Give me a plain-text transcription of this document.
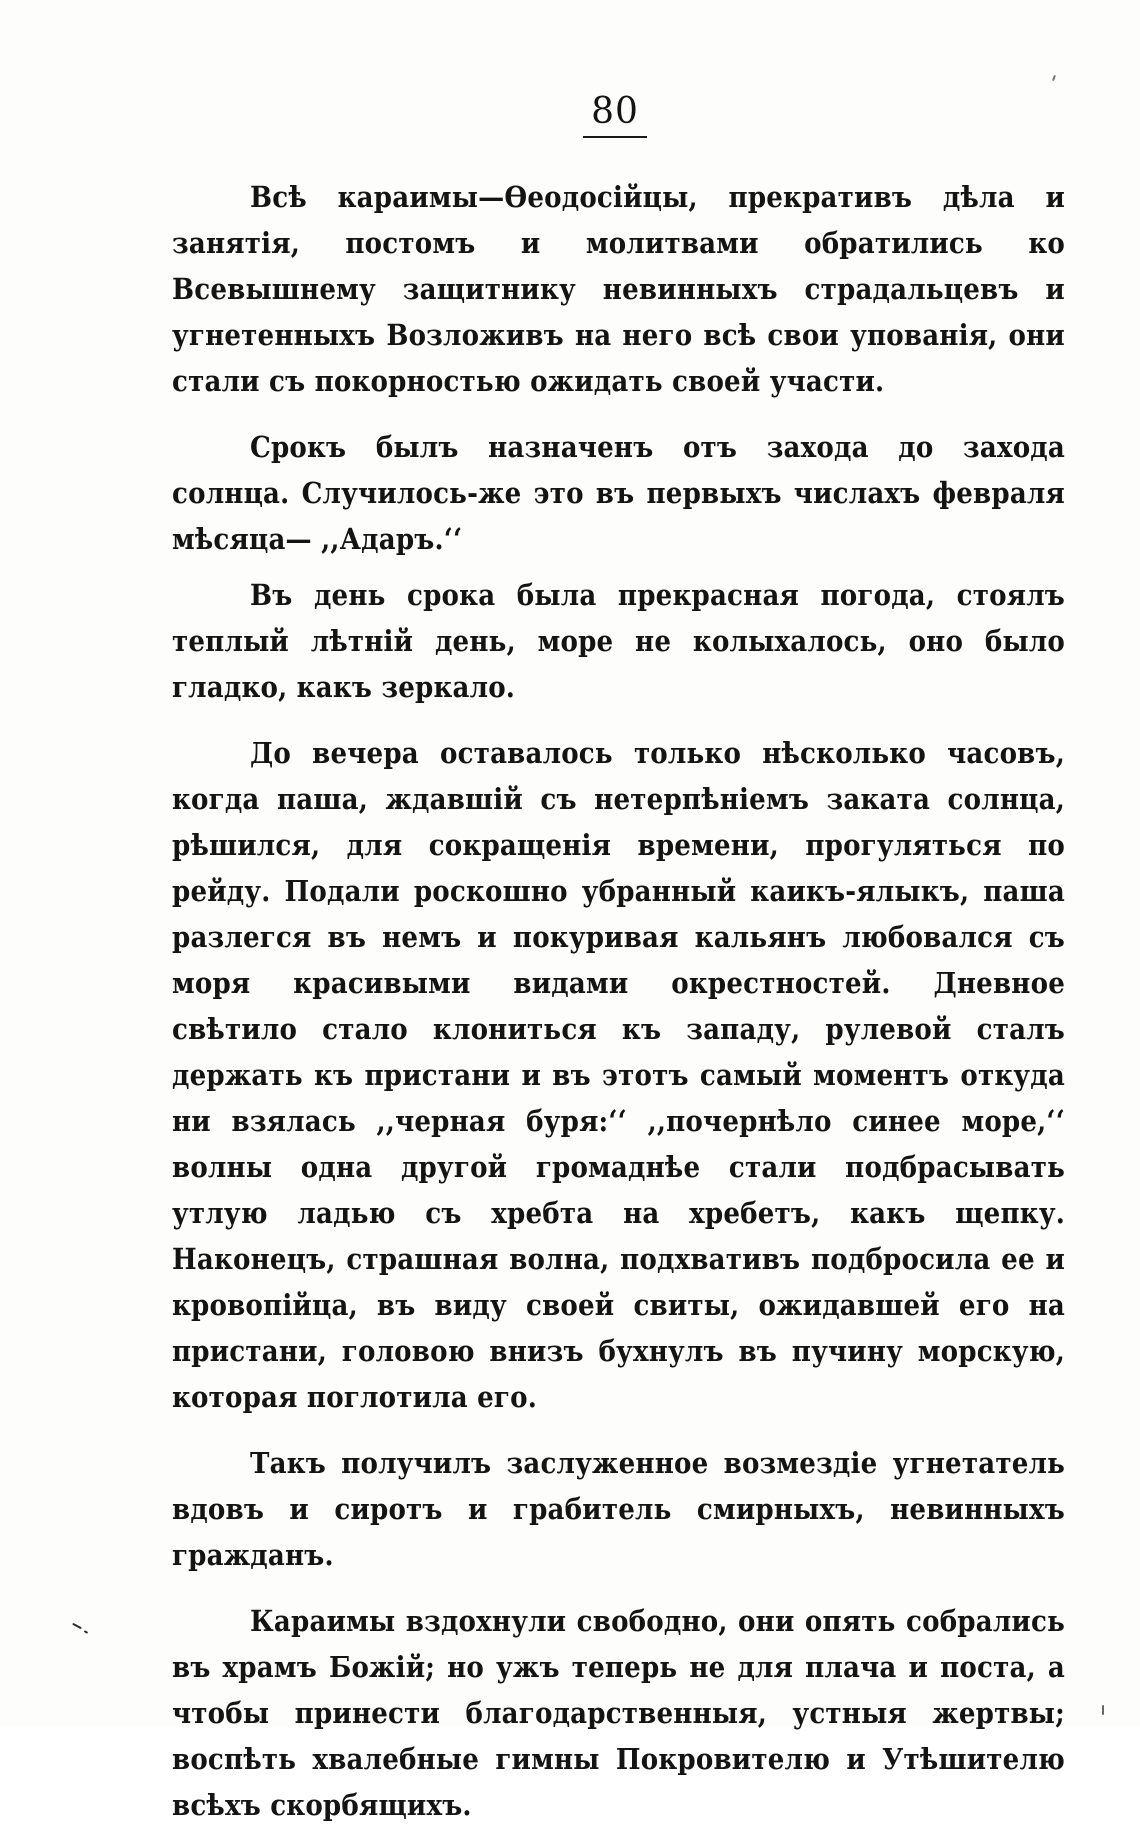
80

Всѣ караимы—Ѳеодосійцы, прекративъ дѣла и занятія, постомъ и молитвами обратились ко Всевышнему защитнику невинныхъ страдальцевъ и угнетенныхъ Возложивъ на него всѣ свои упованія, они стали съ покорностью ожидать своей участи.

Срокъ былъ назначенъ отъ захода до захода солнца. Случилось-же это въ первыхъ числахъ февраля мѣсяца— ,,Адаръ.‘‘

Въ день срока была прекрасная погода, стоялъ теплый лѣтній день, море не колыхалось, оно было гладко, какъ зеркало.

До вечера оставалось только нѣсколько часовъ, когда паша, ждавшій съ нетерпѣніемъ заката солнца, рѣшился, для сокращенія времени, прогуляться по рейду. Подали роскошно убранный каикъ-ялыкъ, паша разлегся въ немъ и покуривая кальянъ любовался съ моря красивыми видами окрестностей. Дневное свѣтило стало клониться къ западу, рулевой сталъ держать къ пристани и въ этотъ самый моментъ откуда ни взялась ,,черная буря:‘‘ ,,почернѣло синее море,‘‘ волны одна другой громаднѣе стали подбрасывать утлую ладью съ хребта на хребетъ, какъ щепку. Наконецъ, страшная волна, подхвативъ подбросила ее и кровопійца, въ виду своей свиты, ожидавшей его на пристани, головою внизъ бухнулъ въ пучину морскую, которая поглотила его.

Такъ получилъ заслуженное возмездіе угнетатель вдовъ и сиротъ и грабитель смирныхъ, невинныхъ гражданъ.

Караимы вздохнули свободно, они опять собрались въ храмъ Божій; но ужъ теперь не для плача и поста, а чтобы принести благодарственныя, устныя жертвы; воспѣть хвалебные гимны Покровителю и Утѣшителю всѣхъ скорбящихъ.
